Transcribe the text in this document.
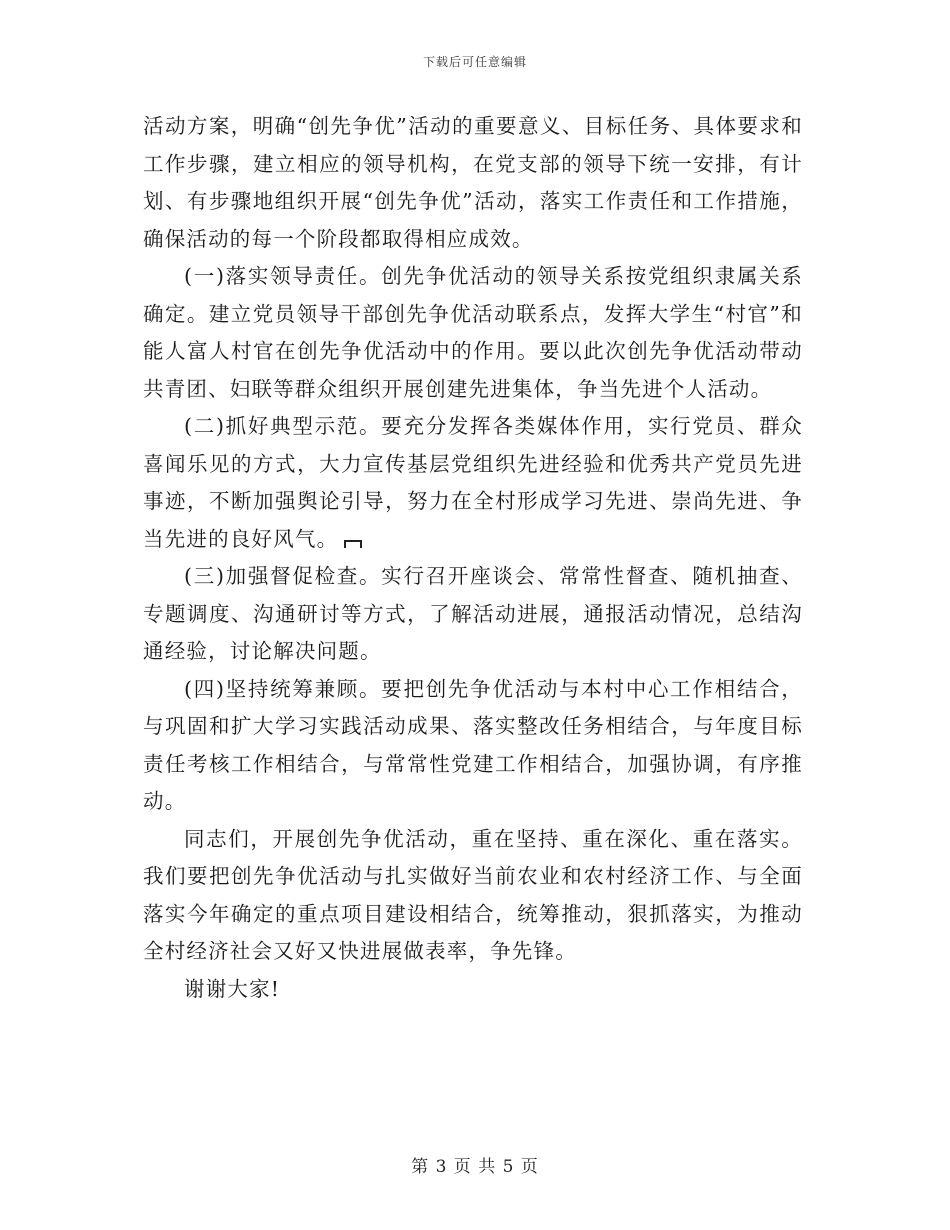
下载后可任意编辑

活动方案，明确“创先争优”活动的重要意义、目标任务、具体要求和工作步骤，建立相应的领导机构，在党支部的领导下统一安排，有计划、有步骤地组织开展“创先争优”活动，落实工作责任和工作措施，确保活动的每一个阶段都取得相应成效。

(一)落实领导责任。创先争优活动的领导关系按党组织隶属关系确定。建立党员领导干部创先争优活动联系点，发挥大学生“村官”和能人富人村官在创先争优活动中的作用。要以此次创先争优活动带动共青团、妇联等群众组织开展创建先进集体，争当先进个人活动。

(二)抓好典型示范。要充分发挥各类媒体作用，实行党员、群众喜闻乐见的方式，大力宣传基层党组织先进经验和优秀共产党员先进事迹，不断加强舆论引导，努力在全村形成学习先进、崇尚先进、争当先进的良好风气。

(三)加强督促检查。实行召开座谈会、常常性督查、随机抽查、专题调度、沟通研讨等方式，了解活动进展，通报活动情况，总结沟通经验，讨论解决问题。

(四)坚持统筹兼顾。要把创先争优活动与本村中心工作相结合，与巩固和扩大学习实践活动成果、落实整改任务相结合，与年度目标责任考核工作相结合，与常常性党建工作相结合，加强协调，有序推动。

同志们，开展创先争优活动，重在坚持、重在深化、重在落实。我们要把创先争优活动与扎实做好当前农业和农村经济工作、与全面落实今年确定的重点项目建设相结合，统筹推动，狠抓落实，为推动全村经济社会又好又快进展做表率，争先锋。

谢谢大家!

第 3 页 共 5 页
